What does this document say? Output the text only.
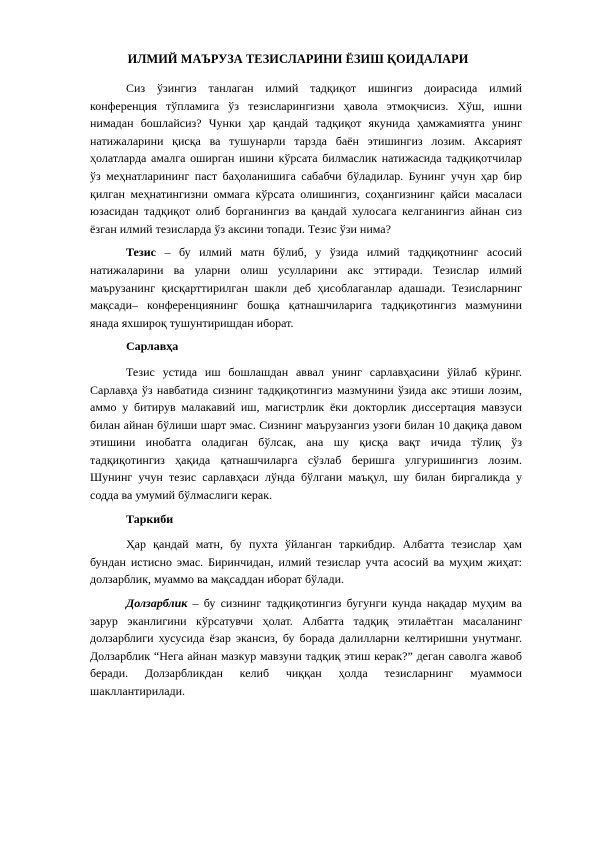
ИЛМИЙ МАЪРУЗА ТЕЗИСЛАРИНИ ЁЗИШ ҚОИДАЛАРИ

Сиз ўзингиз танлаган илмий тадқиқот ишингиз доирасида илмий конференция тўпламига ўз тезисларингизни ҳавола этмоқчисиз. Хўш, ишни нимадан бошлайсиз? Чунки ҳар қандай тадқиқот якунида ҳамжамиятга унинг натижаларини қисқа ва тушунарли тарзда баён этишингиз лозим. Аксарият ҳолатларда амалга оширган ишини кўрсата билмаслик натижасида тадқиқотчилар ўз меҳнатларининг паст баҳоланишига сабабчи бўладилар. Бунинг учун ҳар бир қилган меҳнатингизни оммага кўрсата олишингиз, соҳангизнинг қайси масаласи юзасидан тадқиқот олиб борганингиз ва қандай хулосага келганингиз айнан сиз ёзган илмий тезисларда ўз аксини топади. Тезис ўзи нима?

Тезис – бу илмий матн бўлиб, у ўзида илмий тадқиқотнинг асосий натижаларини ва уларни олиш усулларини акс эттиради. Тезислар илмий маърузанинг қисқарттирилган шакли деб ҳисоблаганлар адашади. Тезисларнинг мақсади– конференциянинг бошқа қатнашчиларига тадқиқотингиз мазмунини янада яхшироқ тушунтиришдан иборат.

Сарлавҳа

Тезис устида иш бошлашдан аввал унинг сарлавҳасини ўйлаб кўринг. Сарлавҳа ўз навбатида сизнинг тадқиқотингиз мазмунини ўзида акс этиши лозим, аммо у битирув малакавий иш, магистрлик ёки докторлик диссертация мавзуси билан айнан бўлиши шарт эмас. Сизнинг маърузангиз узоғи билан 10 дақиқа давом этишини инобатга оладиган бўлсак, ана шу қисқа вақт ичида тўлиқ ўз тадқиқотингиз ҳақида қатнашчиларга сўзлаб беришга улгуришингиз лозим. Шунинг учун тезис сарлавҳаси лўнда бўлгани маъқул, шу билан биргаликда у содда ва умумий бўлмаслиги керак.

Таркиби

Ҳар қандай матн, бу пухта ўйланган таркибдир. Албатта тезислар ҳам бундан истисно эмас. Биринчидан, илмий тезислар учта асосий ва муҳим жиҳат: долзарблик, муаммо ва мақсаддан иборат бўлади.

Долзарблик – бу сизнинг тадқиқотингиз бугунги кунда нақадар муҳим ва зарур эканлигини кўрсатувчи ҳолат. Албатта тадқиқ этилаётган масаланинг долзарблиги хусусида ёзар экансиз, бу борада далилларни келтиришни унутманг. Долзарблик “Нега айнан мазкур мавзуни тадқиқ этиш керак?” деган саволга жавоб беради. Долзарбликдан келиб чиққан ҳолда тезисларнинг муаммоси шакллантирилади.
